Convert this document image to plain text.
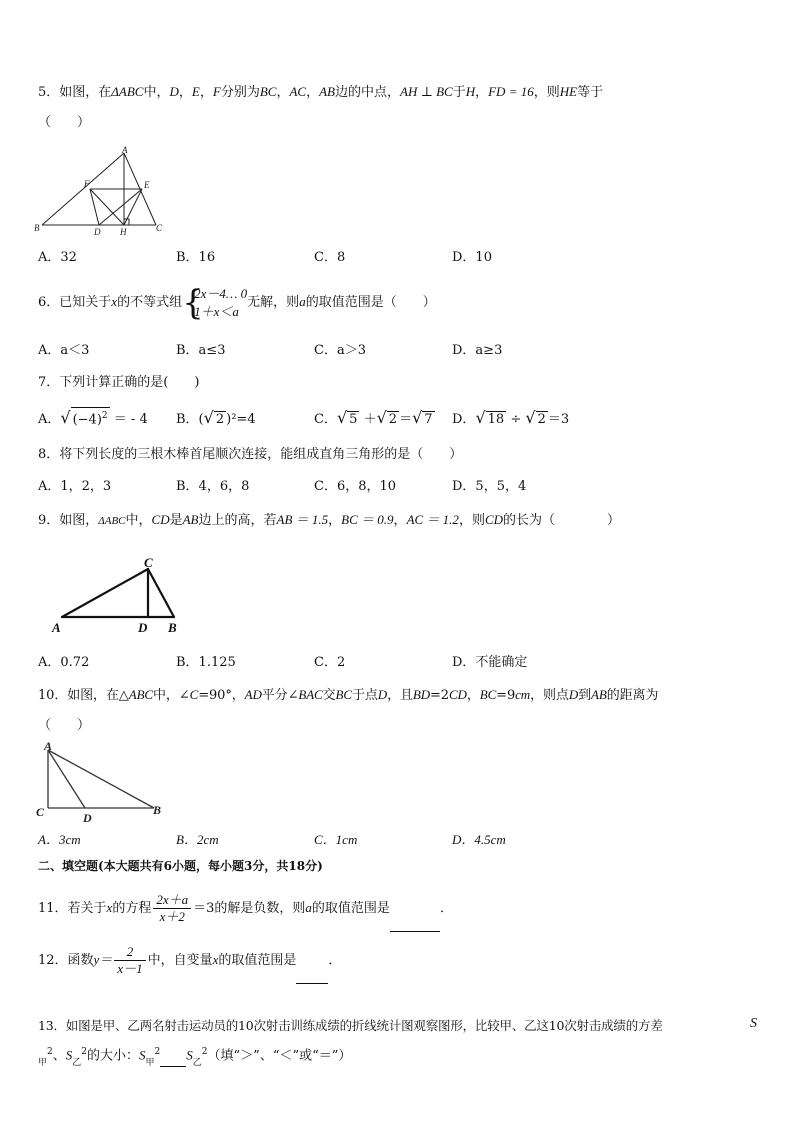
5．如图，在ΔABC中，D，E，F分别为BC，AC，AB边的中点，AH ⊥ BC于H，FD = 16，则HE等于
（　　）
A
B	C
D H
F	E
A．32	B．16	C．8	D．10
6．已知关于x的不等式组 {
2x－4… 0
1＋x＜a
无解，则a的取值范围是（　　）
A．a＜3	B．a≤3	C．a＞3	D．a≥3
7．下列计算正确的是(　　)
A．√ $(-4)^2$ ＝ - 4 B．(√ 2 )²=4	C．√ 5 ＋√ 2 ＝√ 7 D．√ 18 ÷ √ 2 ＝3
8．将下列长度的三根木棒首尾顺次连接，能组成直角三角形的是（　　）
A．1，2，3	B．4，6，8	C．6，8，10	D．5，5，4
9．如图，ΔABC中，CD是AB边上的高，若AB ＝ 1.5，BC ＝ 0.9，AC ＝ 1.2，则CD的长为（　　　　）
A	B
C
D
A．0.72	B．1.125	C．2	D．不能确定
10．如图，在△ABC中，∠C=90°，AD平分∠BAC交BC于点D，且BD=2CD，BC=9cm，则点D到AB的距离为
（　　）
A
C	D
B
A．3cm	B．2cm	C．1cm	D．4.5cm
二、填空题(本大题共有6小题，每小题3分，共18分)
11．若关于x的方程 $\frac{2x+a}{x+2} =3$的解是负数，则a的取值范围是	．
12．函数$y= \frac{2}{x-1}$ 中，自变量x的取值范围是 ．
13．如图是甲、乙两名射击运动员的10次射击训练成绩的折线统计图观察图形，比较甲、乙这10次射击成绩的方差	S
$_甲^2$、$S_乙^2$的大小：$S_甲^2$ $S_乙^2$（填“＞”、“＜”或“＝”）
